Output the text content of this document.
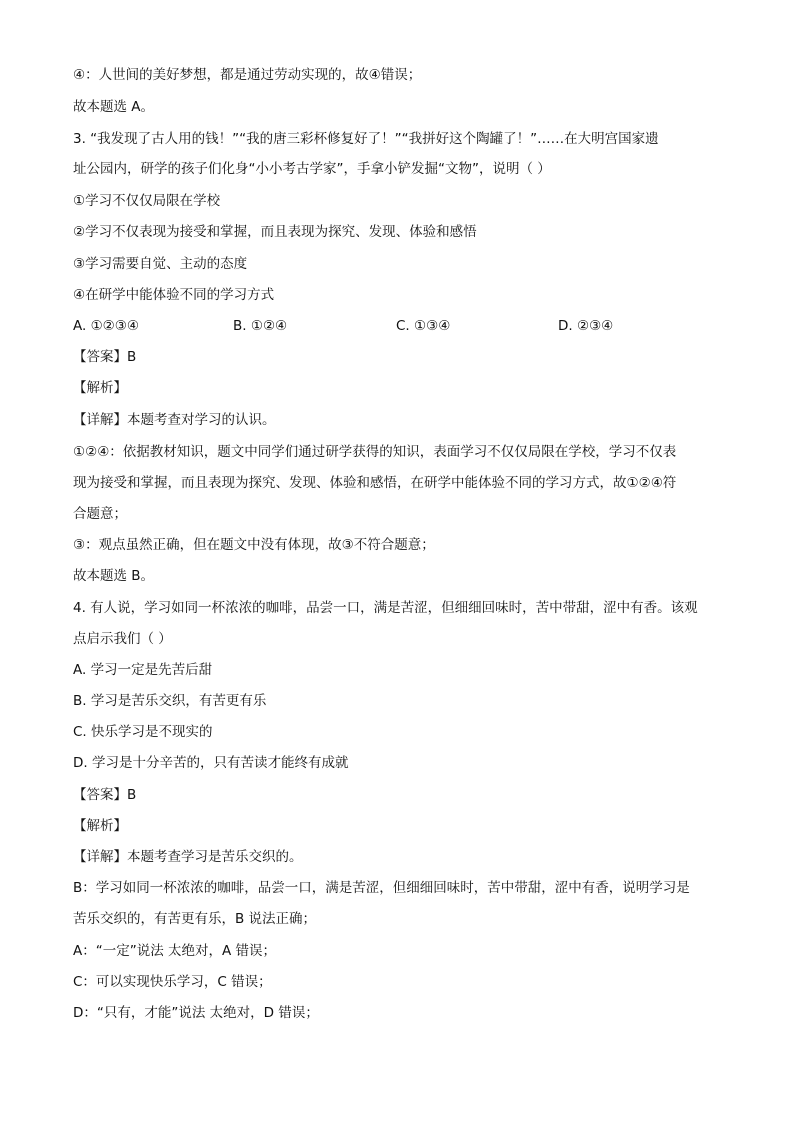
④：人世间的美好梦想，都是通过劳动实现的，故④错误；
故本题选 A。
3. “我发现了古人用的钱！”“我的唐三彩杯修复好了！”“我拼好这个陶罐了！”……在大明宫国家遗
址公园内，研学的孩子们化身“小小考古学家”，手拿小铲发掘“文物”，说明（ ）
①学习不仅仅局限在学校
②学习不仅表现为接受和掌握，而且表现为探究、发现、体验和感悟
③学习需要自觉、主动的态度
④在研学中能体验不同的学习方式
A. ①②③④	B. ①②④	C. ①③④	D. ②③④
【答案】B
【解析】
【详解】本题考查对学习的认识。
①②④：依据教材知识，题文中同学们通过研学获得的知识，表面学习不仅仅局限在学校，学习不仅表
现为接受和掌握，而且表现为探究、发现、体验和感悟，在研学中能体验不同的学习方式，故①②④符
合题意；
③：观点虽然正确，但在题文中没有体现，故③不符合题意；
故本题选 B。
4. 有人说，学习如同一杯浓浓的咖啡，品尝一口，满是苦涩，但细细回味时，苦中带甜，涩中有香。该观
点启示我们（ ）
A. 学习一定是先苦后甜
B. 学习是苦乐交织，有苦更有乐
C. 快乐学习是不现实的
D. 学习是十分辛苦的，只有苦读才能终有成就
【答案】B
【解析】
【详解】本题考查学习是苦乐交织的。
B：学习如同一杯浓浓的咖啡，品尝一口，满是苦涩，但细细回味时，苦中带甜，涩中有香，说明学习是
苦乐交织的，有苦更有乐，B 说法正确；
A：“一定”说法 太绝对，A 错误；
C：可以实现快乐学习，C 错误；
D：“只有，才能”说法 太绝对，D 错误；
